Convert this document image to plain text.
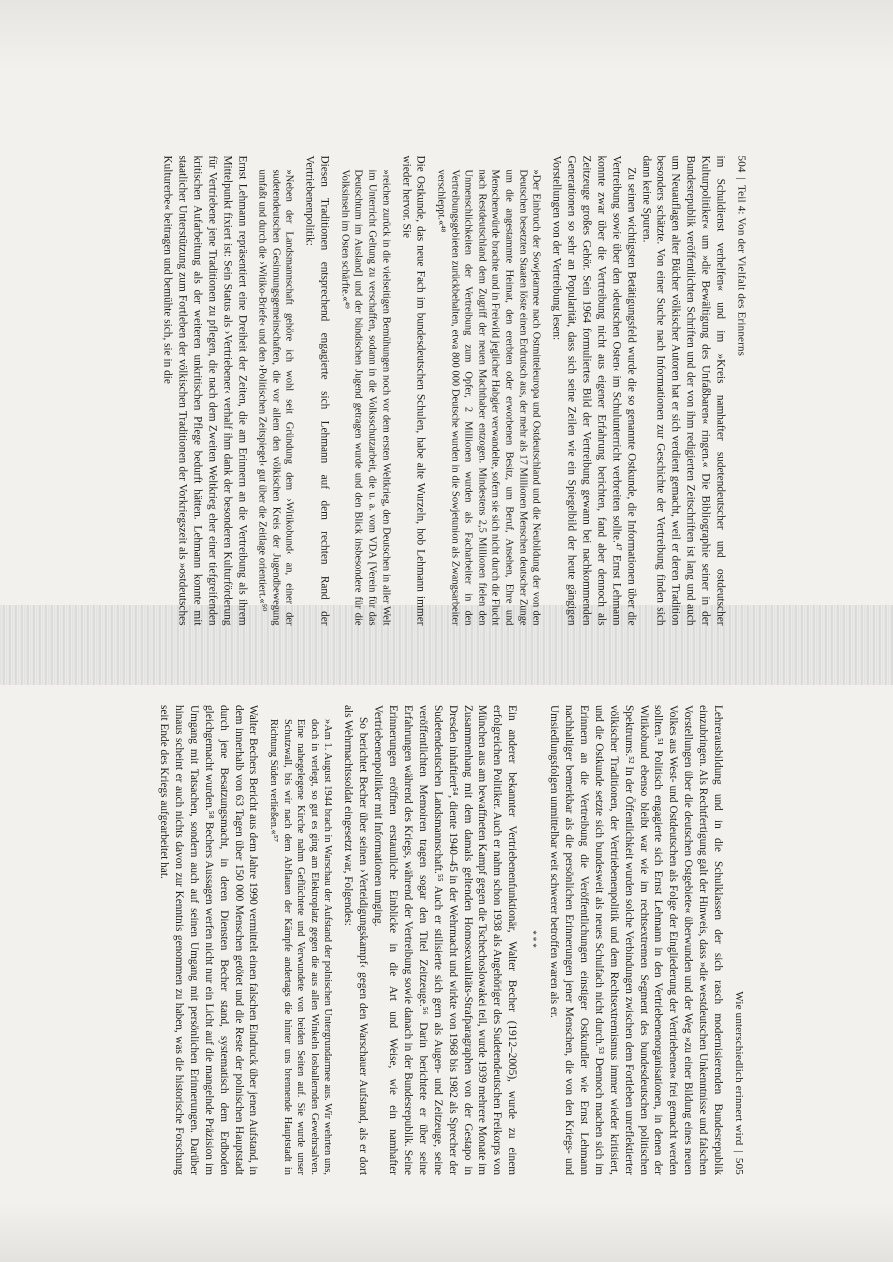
504
|
Teil 4: Von der Vielfalt des Erinnerns

im Schuldienst verhelfen« und im »Kreis namhafter sudetendeutscher und ostdeutscher Kulturpolitiker« um »die Bewältigung des Unfaßbaren« ringen.« Die Bibliographie seiner in der Bundesrepublik veröffentlichten Schriften und der von ihm redigierten Zeitschriften ist lang und auch um Neuauflagen alter Bücher völkischer Autoren hat er sich verdient gemacht, weil er deren Tradition besonders schätzte. Von einer Suche nach Informationen zur Geschichte der Vertreibung finden sich dann keine Spuren.

Zu seinen wichtigsten Betätigungsfeld wurde die so genannte Ostkunde, die Informationen über die Vertreibung sowie über den ›deutschen Osten‹ im Schulunterricht verbreiten sollte.⁴⁷ Ernst Lehmann konnte zwar über die Vertreibung nicht aus eigener Erfahrung berichten, fand aber dennoch als Zeitzeuge großes Gehör. Sein 1964 formuliertes Bild der Vertreibung gewann bei nachkommenden Generationen so sehr an Popularität, dass sich seine Zeilen wie ein Spiegelbild der heute gängigen Vorstellungen von der Vertreibung lesen:

»Der Einbruch der Sowjetarmee nach Ostmitteleuropa und Ostdeutschland und die Neubildung der von den Deutschen besetzten Staaten löste einen Erdrutsch aus, der mehr als 17 Millionen Menschen deutscher Zunge um die angestammte Heimat, den ererbten oder erworbenen Besitz, um Beruf, Ansehen, Ehre und Menschenwürde brachte und in Freiwild jeglicher Habgier verwandelte, sofern sie sich nicht durch die Flucht nach Restdeutschland dem Zugriff der neuen Machthaber entzogen. Mindestens 2,5 Millionen fielen den Unmenschlichkeiten der Vertreibung zum Opfer, 2 Millionen wurden als Facharbeiter in den Vertreibungsgebieten zurückbehalten, etwa 800 000 Deutsche wurden in die Sowjetunion als Zwangsarbeiter verschleppt.«⁴⁸

Die Ostkunde, das neue Fach im bundesdeutschen Schulen, habe alte Wurzeln, hob Lehmann immer wieder hervor. Sie

»reichen zurück in die vielseitigen Bemühungen noch vor dem ersten Weltkrieg, den Deutschen in aller Welt im Unterricht Geltung zu verschaffen, sodann in die Volksschutzarbeit, die u. a. vom VDA [Verein für das Deutschtum im Ausland] und der bündischen Jugend getragen wurde und den Blick insbesondere für die Volksinseln im Osten schärfte.«⁴⁹

Diesen Traditionen entsprechend engagierte sich Lehmann auf dem rechten Rand der Vertriebenenpolitik:

»Neben der Landsmannschaft gehöre ich wohl seit Gründung dem ›Witikobund‹ an, einer der sudetendeutschen Gesinnungsgemeinschaften, die vor allem den völkischen Kreis der Jugendbewegung umfaßt und durch die ›Witiko-Briefe‹ und den ›Politischen Zeitspiegel‹ gut über die Zeitlage orientiert.«⁵⁰

Ernst Lehmann repräsentiert eine Dreiheit der Zeiten, die am Erinnern an die Vertreibung als ihrem Mittelpunkt fixiert ist: Sein Status als ›Vertriebener‹ verhalf ihm dank der besonderen Kulturförderung für Vertriebene jene Traditionen zu pflegen, die nach dem Zweiten Weltkrieg eher einer tiefgreifenden kritischen Aufarbeitung als der weiteren unkritischen Pflege bedurft hätten. Lehmann konnte mit staatlicher Unterstützung zum Fortleben der völkischen Traditionen der Vorkriegszeit als »ostdeutsches Kulturerbe« beitragen und bemühte sich, sie in die

Wie unterschiedlich erinnert wird
|
505

Lehrerausbildung und in die Schulklassen der sich rasch modernisierenden Bundesrepublik einzubringen. Als Rechtfertigung galt der Hinweis, dass »die westdeutschen Unkenntnisse und falschen Vorstellungen über die deutschen Ostgebiete« überwunden und der Weg »zu einer Bildung eines neuen Volkes aus West- und Ostdeutschen als Folge der Eingliederung der Vertriebenen« frei gemacht werden sollten.⁵¹ Politisch engagierte sich Ernst Lehmann in den Vertriebenenorganisationen, in denen der Witikobund ebenso bleibt war wie im rechtsextremen Segment des bundesdeutschen politischen Spektrums.⁵² In der Öffentlichkeit wurden solche Verbindungen zwischen dem Fortleben unreflektierter völkischer Traditionen, der Vertriebenenpolitik und dem Rechtsextremismus immer wieder kritisiert, und die Ostkunde setzte sich bundesweit als neues Schulfach nicht durch.⁵³ Dennoch machen sich im Erinnern an die Vertreibung die Veröffentlichungen einstiger Ostkundler wie Ernst Lehmann nachhaltiger bemerkbar als die persönlichen Erinnerungen jener Menschen, die von den Kriegs- und Umsiedlungsfolgen unmittelbar weit schwerer betroffen waren als er.

***

Ein anderer bekannter Vertriebenenfunktionär, Walter Becher (1912–2005), wurde zu einem erfolgreichen Politiker. Auch er nahm schon 1938 als Angehöriger des Sudetendeutschen Freikorps von München aus am bewaffneten Kampf gegen die Tschechoslowakei teil, wurde 1939 mehrere Monate im Zusammenhang mit dem damals geltenden Homosexualitäts-Strafparagraphen von der Gestapo in Dresden inhaftiert⁵⁴, diente 1940–45 in der Wehrmacht und wirkte von 1968 bis 1982 als Sprecher der Sudetendeutschen Landsmannschaft.⁵⁵ Auch er stilisierte sich gern als Augen- und Zeitzeuge, seine veröffentlichten Memoiren tragen sogar den Titel Zeitzeuge.⁵⁶ Darin berichtete er über seine Erfahrungen während des Kriegs, während der Vertreibung sowie danach in der Bundesrepublik. Seine Erinnerungen eröffnen erstaunliche Einblicke in die Art und Weise, wie ein namhafter Vertriebenenpolitiker mit Informationen umging.

So berichtet Becher über seinen ›Verteidigungskampf‹ gegen den Warschauer Aufstand, als er dort als Wehrmachtssoldat eingesetzt war, Folgendes:

»Am 1. August 1944 brach in Warschau der Aufstand der polnischen Untergrundarmee aus. Wir wehrten uns, doch in verlegt, so gut es ging am Elektroplatz gegen die aus allen Winkeln losballernden Gewehrsalven. Eine nahegelegene Kirche nahm Geflüchtete und Verwundete von beiden Seiten auf. Sie wurde unser Schutzwall, bis wir nach dem Abflauen der Kämpfe andertags die hinter uns brennende Hauptstadt in Richtung Süden verließen.«⁵⁷

Walter Bechers Bericht aus dem Jahre 1990 vermittelt einen falschen Eindruck über jenen Aufstand, in dem innerhalb von 63 Tagen über 150 000 Menschen getötet und die Reste der polnischen Hauptstadt durch jene Besatzungsmacht, in deren Diensten Becher stand, systematisch dem Erdboden gleichgemacht wurden.⁵⁸ Bechers Aussagen werfen nicht nur ein Licht auf die mangelnde Präzision im Umgang mit Tatsachen, sondern auch auf seinen Umgang mit persönlichen Erinnerungen. Darüber hinaus scheint er auch nichts davon zur Kenntnis genommen zu haben, was die historische Forschung seit Ende des Kriegs aufgearbeitet hat.
